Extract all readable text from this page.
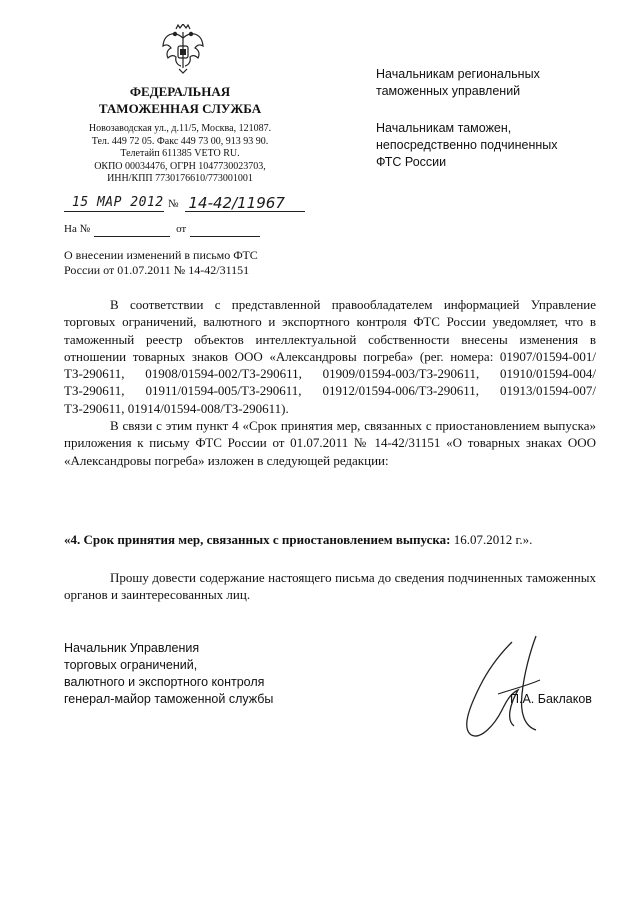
ФЕДЕРАЛЬНАЯ
ТАМОЖЕННАЯ СЛУЖБА
Новозаводская ул., д.11/5, Москва, 121087.
Тел. 449 72 05. Факс 449 73 00, 913 93 90.
Телетайп 611385 VETO RU.
ОКПО 00034476, ОГРН 1047730023703,
ИНН/КПП 7730176610/773001001
15 МАР 2012 № 14-42/11967
На №	от
О внесении изменений в письмо ФТС
России от 01.07.2011 № 14-42/31151
Начальникам региональных
таможенных управлений
Начальникам таможен,
непосредственно подчиненных
ФТС России

В соответствии с представленной правообладателем информацией Управление торговых ограничений, валютного и экспортного контроля ФТС России уведомляет, что в таможенный реестр объектов интеллектуальной собственности внесены изменения в отношении товарных знаков ООО «Александровы погреба» (рег. номера: 01907/01594-001/ТЗ-290611, 01908/01594-002/ТЗ-290611, 01909/01594-003/ТЗ-290611, 01910/01594-004/ТЗ-290611, 01911/01594-005/ТЗ-290611, 01912/01594-006/ТЗ-290611, 01913/01594-007/ТЗ-290611, 01914/01594-008/ТЗ-290611).

В связи с этим пункт 4 «Срок принятия мер, связанных с приостановлением выпуска» приложения к письму ФТС России от 01.07.2011 № 14-42/31151 «О товарных знаках ООО «Александровы погреба» изложен в следующей редакции:

«4. Срок принятия мер, связанных с приостановлением выпуска: 16.07.2012 г.».
Прошу довести содержание настоящего письма до сведения подчиненных таможенных органов и заинтересованных лиц.
Начальник Управления
торговых ограничений,
валютного и экспортного контроля
генерал-майор таможенной службы	П.А. Баклаков
